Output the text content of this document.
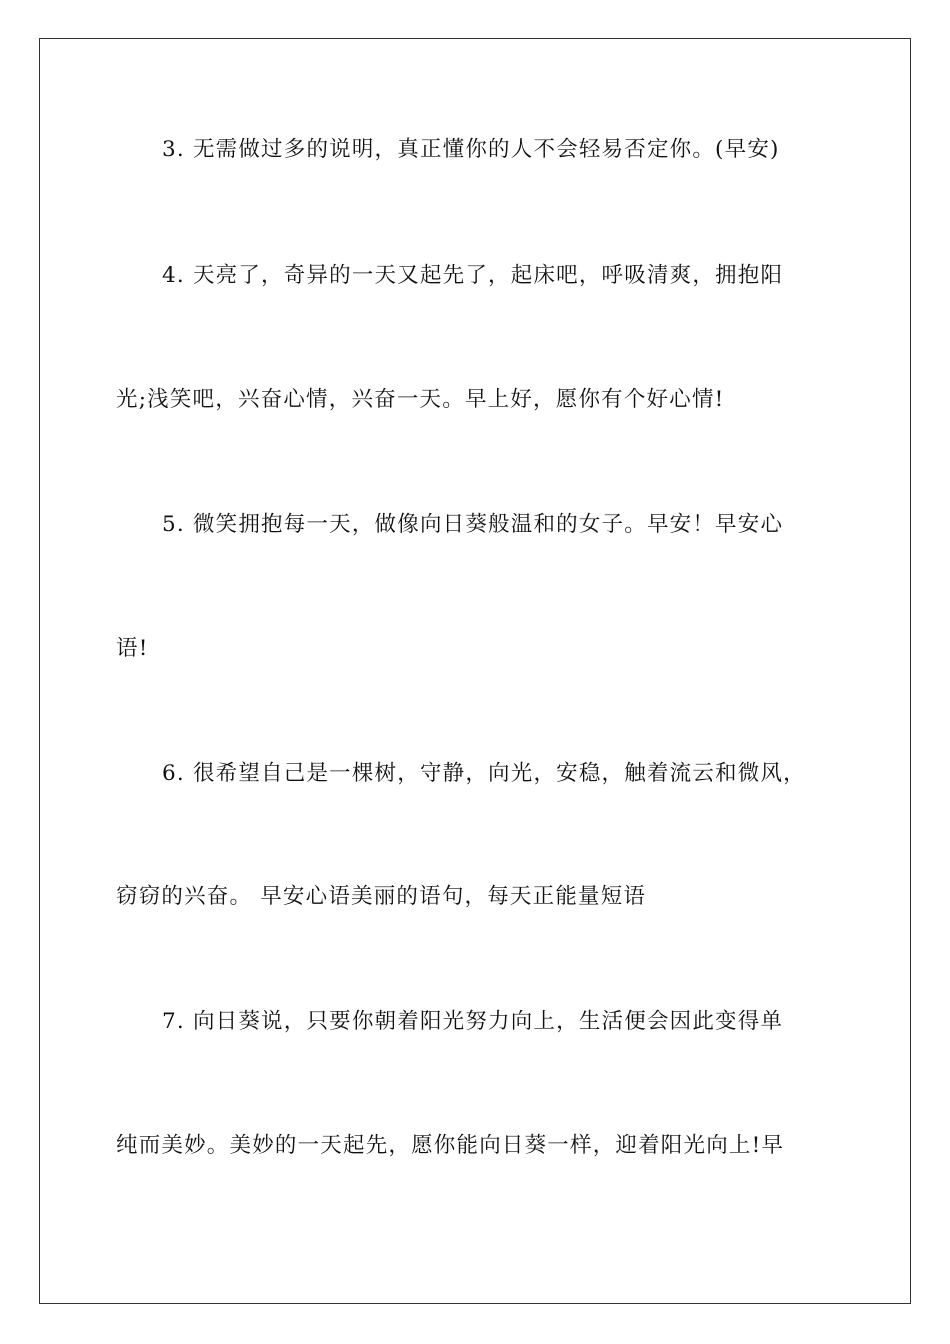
3. 无需做过多的说明，真正懂你的人不会轻易否定你。(早安)
4. 天亮了，奇异的一天又起先了，起床吧，呼吸清爽，拥抱阳
光;浅笑吧，兴奋心情，兴奋一天。早上好，愿你有个好心情!
5. 微笑拥抱每一天，做像向日葵般温和的女子。早安！早安心
语!
6. 很希望自己是一棵树，守静，向光，安稳，触着流云和微风，
窃窃的兴奋。 早安心语美丽的语句，每天正能量短语
7. 向日葵说，只要你朝着阳光努力向上，生活便会因此变得单
纯而美妙。美妙的一天起先，愿你能向日葵一样，迎着阳光向上!早
